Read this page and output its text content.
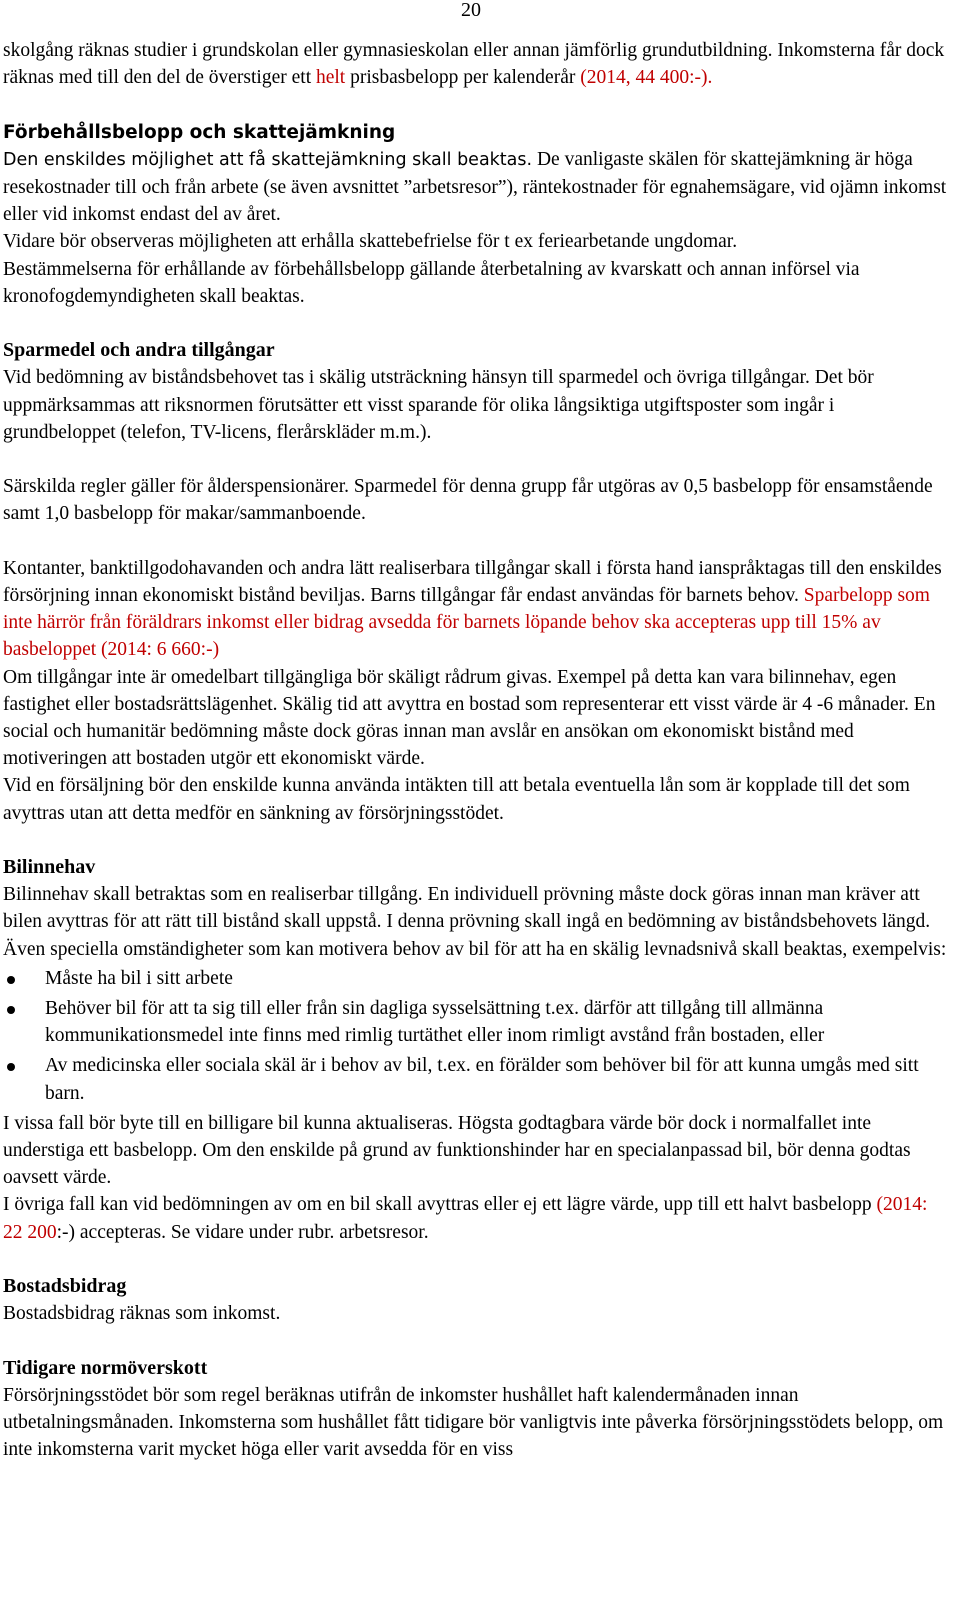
20

skolgång räknas studier i grundskolan eller gymnasieskolan eller annan jämförlig grundutbildning. Inkomsterna får dock räknas med till den del de överstiger ett helt prisbasbelopp per kalenderår (2014, 44 400:-).

Förbehållsbelopp och skattejämkning

Den enskildes möjlighet att få skattejämkning skall beaktas. De vanligaste skälen för skattejämkning är höga resekostnader till och från arbete (se även avsnittet ”arbetsresor”), räntekostnader för egnahemsägare, vid ojämn inkomst eller vid inkomst endast del av året.

Vidare bör observeras möjligheten att erhålla skattebefrielse för t ex feriearbetande ungdomar.

Bestämmelserna för erhållande av förbehållsbelopp gällande återbetalning av kvarskatt och annan införsel via kronofogdemyndigheten skall beaktas.

Sparmedel och andra tillgångar

Vid bedömning av biståndsbehovet tas i skälig utsträckning hänsyn till sparmedel och övriga tillgångar. Det bör uppmärksammas att riksnormen förutsätter ett visst sparande för olika långsiktiga utgiftsposter som ingår i grundbeloppet (telefon, TV-licens, flerårskläder m.m.).

Särskilda regler gäller för ålderspensionärer. Sparmedel för denna grupp får utgöras av 0,5 basbelopp för ensamstående samt 1,0 basbelopp för makar/sammanboende.

Kontanter, banktillgodohavanden och andra lätt realiserbara tillgångar skall i första hand ianspråktagas till den enskildes försörjning innan ekonomiskt bistånd beviljas. Barns tillgångar får endast användas för barnets behov. Sparbelopp som inte härrör från föräldrars inkomst eller bidrag avsedda för barnets löpande behov ska accepteras upp till 15% av basbeloppet (2014: 6 660:-)

Om tillgångar inte är omedelbart tillgängliga bör skäligt rådrum givas. Exempel på detta kan vara bilinnehav, egen fastighet eller bostadsrättslägenhet. Skälig tid att avyttra en bostad som representerar ett visst värde är 4 -6 månader. En social och humanitär bedömning måste dock göras innan man avslår en ansökan om ekonomiskt bistånd med motiveringen att bostaden utgör ett ekonomiskt värde.

Vid en försäljning bör den enskilde kunna använda intäkten till att betala eventuella lån som är kopplade till det som avyttras utan att detta medför en sänkning av försörjningsstödet.

Bilinnehav

Bilinnehav skall betraktas som en realiserbar tillgång. En individuell prövning måste dock göras innan man kräver att bilen avyttras för att rätt till bistånd skall uppstå. I denna prövning skall ingå en bedömning av biståndsbehovets längd. Även speciella omständigheter som kan motivera behov av bil för att ha en skälig levnadsnivå skall beaktas, exempelvis:

Måste ha bil i sitt arbete
Behöver bil för att ta sig till eller från sin dagliga sysselsättning t.ex. därför att tillgång till allmänna kommunikationsmedel inte finns med rimlig turtäthet eller inom rimligt avstånd från bostaden, eller
Av medicinska eller sociala skäl är i behov av bil, t.ex. en förälder som behöver bil för att kunna umgås med sitt barn.

I vissa fall bör byte till en billigare bil kunna aktualiseras. Högsta godtagbara värde bör dock i normalfallet inte understiga ett basbelopp. Om den enskilde på grund av funktionshinder har en specialanpassad bil, bör denna godtas oavsett värde.

I övriga fall kan vid bedömningen av om en bil skall avyttras eller ej ett lägre värde, upp till ett halvt basbelopp (2014: 22 200:-) accepteras. Se vidare under rubr. arbetsresor.

Bostadsbidrag

Bostadsbidrag räknas som inkomst.

Tidigare normöverskott

Försörjningsstödet bör som regel beräknas utifrån de inkomster hushållet haft kalendermånaden innan utbetalningsmånaden. Inkomsterna som hushållet fått tidigare bör vanligtvis inte påverka försörjningsstödets belopp, om inte inkomsterna varit mycket höga eller varit avsedda för en viss
